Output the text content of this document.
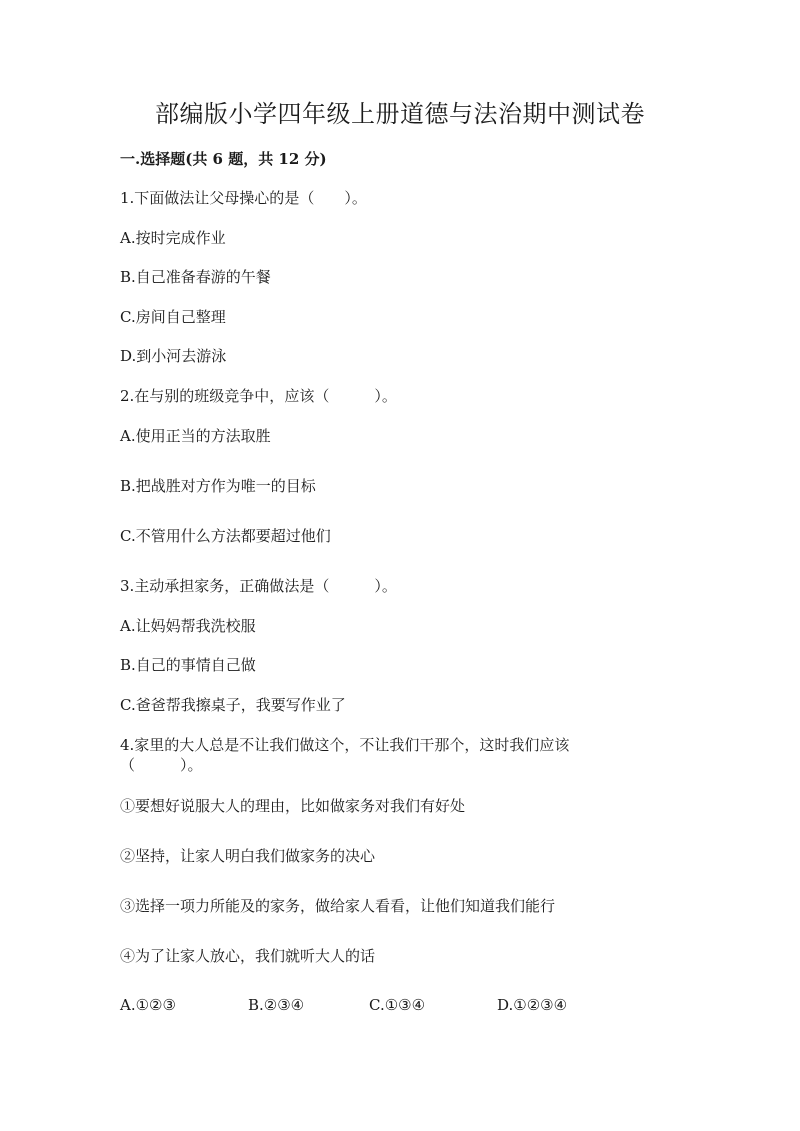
部编版小学四年级上册道德与法治期中测试卷
一.选择题(共 6 题，共 12 分)
1.下面做法让父母操心的是（　　）。
A.按时完成作业
B.自己准备春游的午餐
C.房间自己整理
D.到小河去游泳
2.在与别的班级竞争中，应该（　　　）。
A.使用正当的方法取胜
B.把战胜对方作为唯一的目标
C.不管用什么方法都要超过他们
3.主动承担家务，正确做法是（　　　）。
A.让妈妈帮我洗校服
B.自己的事情自己做
C.爸爸帮我擦桌子，我要写作业了
4.家里的大人总是不让我们做这个，不让我们干那个，这时我们应该
（　　　）。
①要想好说服大人的理由，比如做家务对我们有好处
②坚持，让家人明白我们做家务的决心
③选择一项力所能及的家务，做给家人看看，让他们知道我们能行
④为了让家人放心，我们就听大人的话
A.①②③	B.②③④	C.①③④	D.①②③④
